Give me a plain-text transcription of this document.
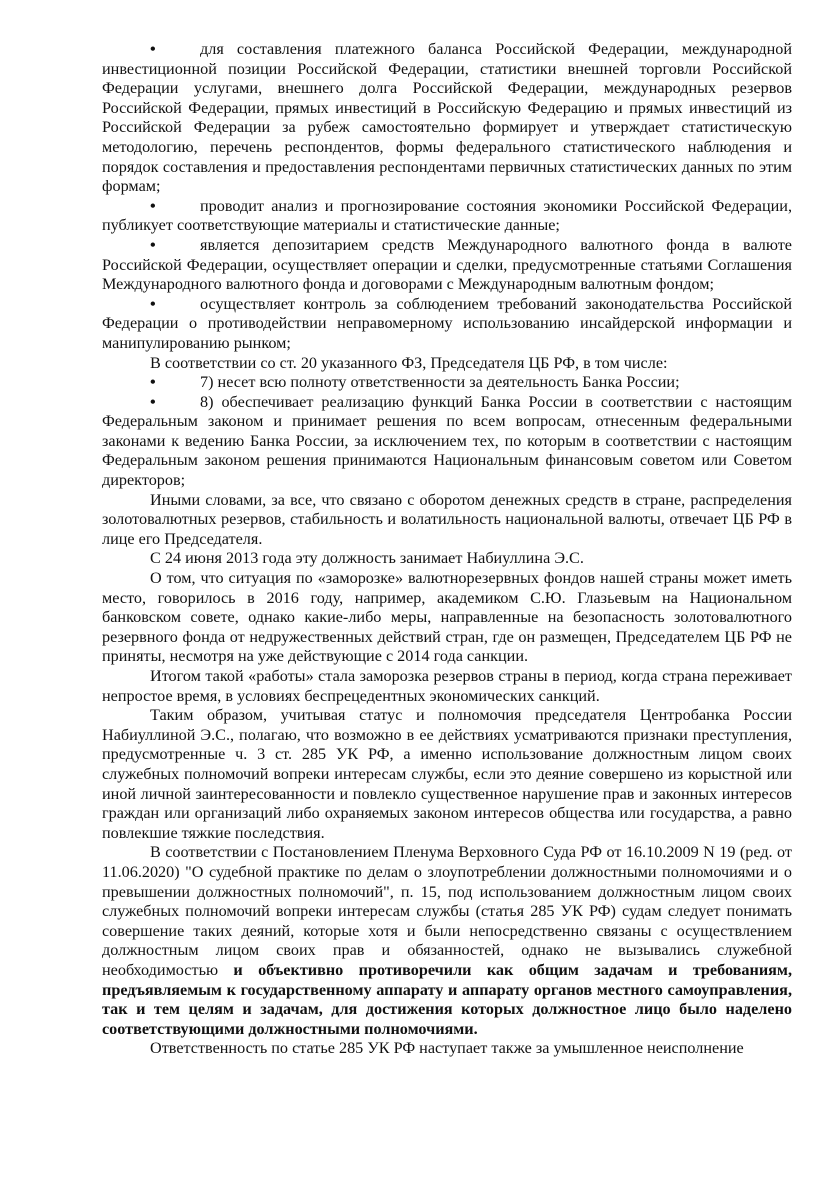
•	для составления платежного баланса Российской Федерации, международной инвестиционной позиции Российской Федерации, статистики внешней торговли Российской Федерации услугами, внешнего долга Российской Федерации, международных резервов Российской Федерации, прямых инвестиций в Российскую Федерацию и прямых инвестиций из Российской Федерации за рубеж самостоятельно формирует и утверждает статистическую методологию, перечень респондентов, формы федерального статистического наблюдения и порядок составления и предоставления респондентами первичных статистических данных по этим формам;

•	проводит анализ и прогнозирование состояния экономики Российской Федерации, публикует соответствующие материалы и статистические данные;

•	является депозитарием средств Международного валютного фонда в валюте Российской Федерации, осуществляет операции и сделки, предусмотренные статьями Соглашения Международного валютного фонда и договорами с Международным валютным фондом;

•	осуществляет контроль за соблюдением требований законодательства Российской Федерации о противодействии неправомерному использованию инсайдерской информации и манипулированию рынком;

В соответствии со ст. 20 указанного ФЗ, Председателя ЦБ РФ, в том числе:

•	7) несет всю полноту ответственности за деятельность Банка России;

•	8) обеспечивает реализацию функций Банка России в соответствии с настоящим Федеральным законом и принимает решения по всем вопросам, отнесенным федеральными законами к ведению Банка России, за исключением тех, по которым в соответствии с настоящим Федеральным законом решения принимаются Национальным финансовым советом или Советом директоров;

Иными словами, за все, что связано с оборотом денежных средств в стране, распределения золотовалютных резервов, стабильность и волатильность национальной валюты, отвечает ЦБ РФ в лице его Председателя.

С 24 июня 2013 года эту должность занимает Набиуллина Э.С.

О том, что ситуация по «заморозке» валютнорезервных фондов нашей страны может иметь место, говорилось в 2016 году, например, академиком С.Ю. Глазьевым на Национальном банковском совете, однако какие-либо меры, направленные на безопасность золотовалютного резервного фонда от недружественных действий стран, где он размещен, Председателем ЦБ РФ не приняты, несмотря на уже действующие с 2014 года санкции.

Итогом такой «работы» стала заморозка резервов страны в период, когда страна переживает непростое время, в условиях беспрецедентных экономических санкций.

Таким образом, учитывая статус и полномочия председателя Центробанка России Набиуллиной Э.С., полагаю, что возможно в ее действиях усматриваются признаки преступления, предусмотренные ч. 3 ст. 285 УК РФ, а именно использование должностным лицом своих служебных полномочий вопреки интересам службы, если это деяние совершено из корыстной или иной личной заинтересованности и повлекло существенное нарушение прав и законных интересов граждан или организаций либо охраняемых законом интересов общества или государства, а равно повлекшие тяжкие последствия.

В соответствии с Постановлением Пленума Верховного Суда РФ от 16.10.2009 N 19 (ред. от 11.06.2020) "О судебной практике по делам о злоупотреблении должностными полномочиями и о превышении должностных полномочий", п. 15, под использованием должностным лицом своих служебных полномочий вопреки интересам службы (статья 285 УК РФ) судам следует понимать совершение таких деяний, которые хотя и были непосредственно связаны с осуществлением должностным лицом своих прав и обязанностей, однако не вызывались служебной необходимостью и объективно противоречили как общим задачам и требованиям, предъявляемым к государственному аппарату и аппарату органов местного самоуправления, так и тем целям и задачам, для достижения которых должностное лицо было наделено соответствующими должностными полномочиями.

Ответственность по статье 285 УК РФ наступает также за умышленное неисполнение
